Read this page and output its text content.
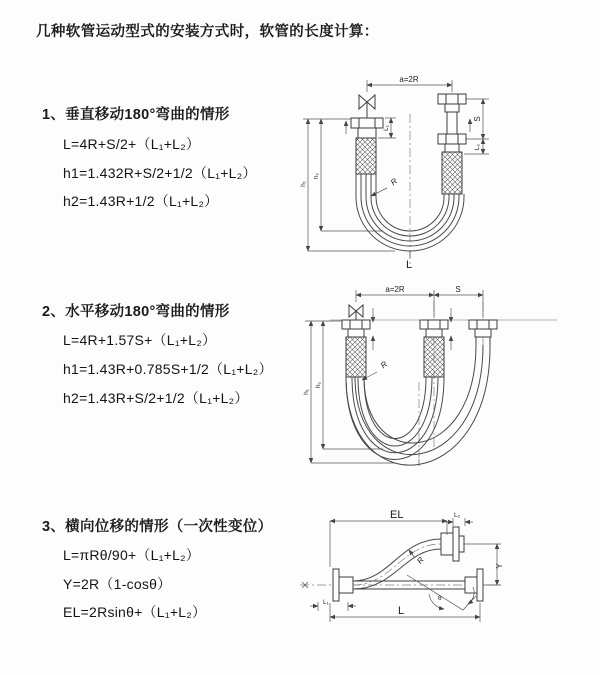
几种软管运动型式的安装方式时，软管的长度计算：
1、垂直移动180°弯曲的情形
L=4R+S/2+（L₁+L₂）
h1=1.432R+S/2+1/2（L₁+L₂）
h2=1.43R+1/2（L₁+L₂）
2、水平移动180°弯曲的情形
L=4R+1.57S+（L₁+L₂）
h1=1.43R+0.785S+1/2（L₁+L₂）
h2=1.43R+S/2+1/2（L₁+L₂）
3、横向位移的情形（一次性变位）
L=πRθ/90+（L₁+L₂）
Y=2R（1-cosθ）
EL=2Rsinθ+（L₁+L₂）
a=2R
L₁
S
L₂
h₁
h₂
R
L
a=2R	S
h₁
h₂
R
EL	L₂
Y
R
θ
L₁
L
